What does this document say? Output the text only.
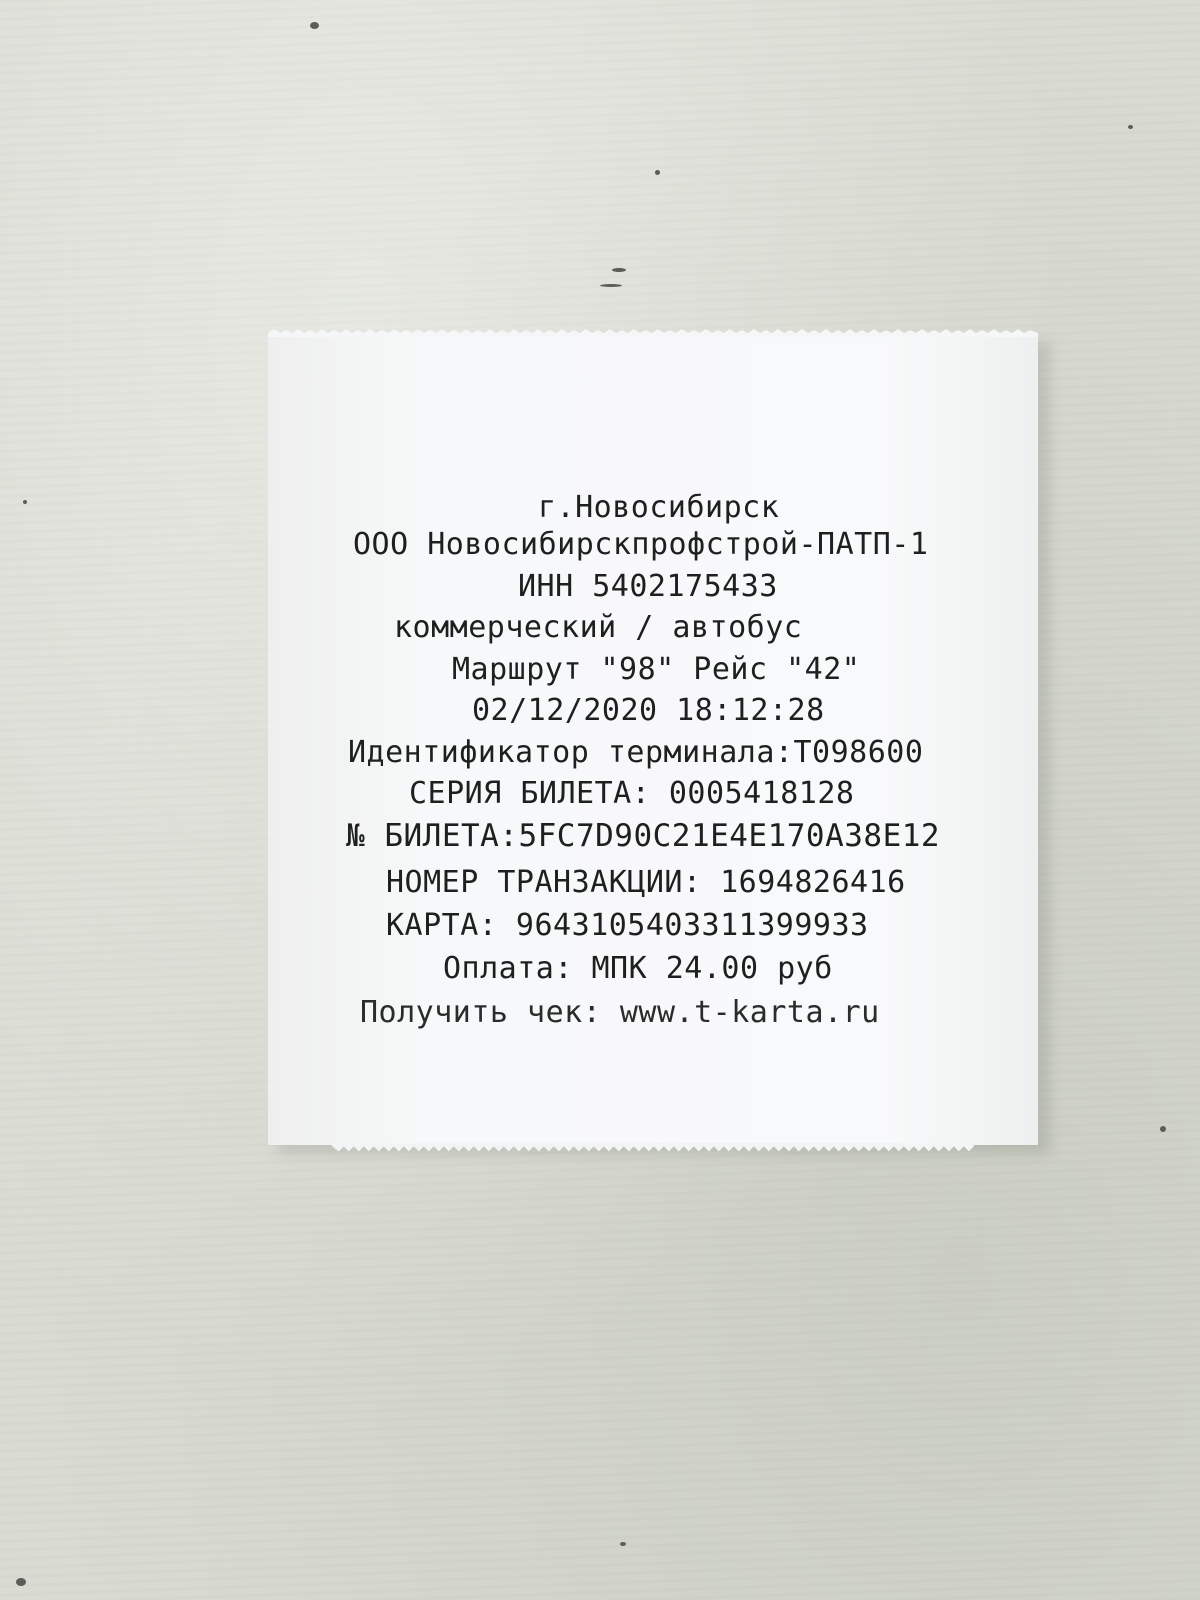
г.Новосибирск
ООО Новосибирскпрофстрой-ПАТП-1
ИНН 5402175433
коммерческий / автобус
Маршрут "98" Рейс "42"
02/12/2020 18:12:28
Идентификатор терминала:T098600
СЕРИЯ БИЛЕТА: 0005418128
№ БИЛЕТА:5FC7D90C21E4E170A38E12
НОМЕР ТРАНЗАКЦИИ: 1694826416
КАРТА: 9643105403311399933
Оплата: МПК 24.00 руб
Получить чек: www.t-karta.ru
